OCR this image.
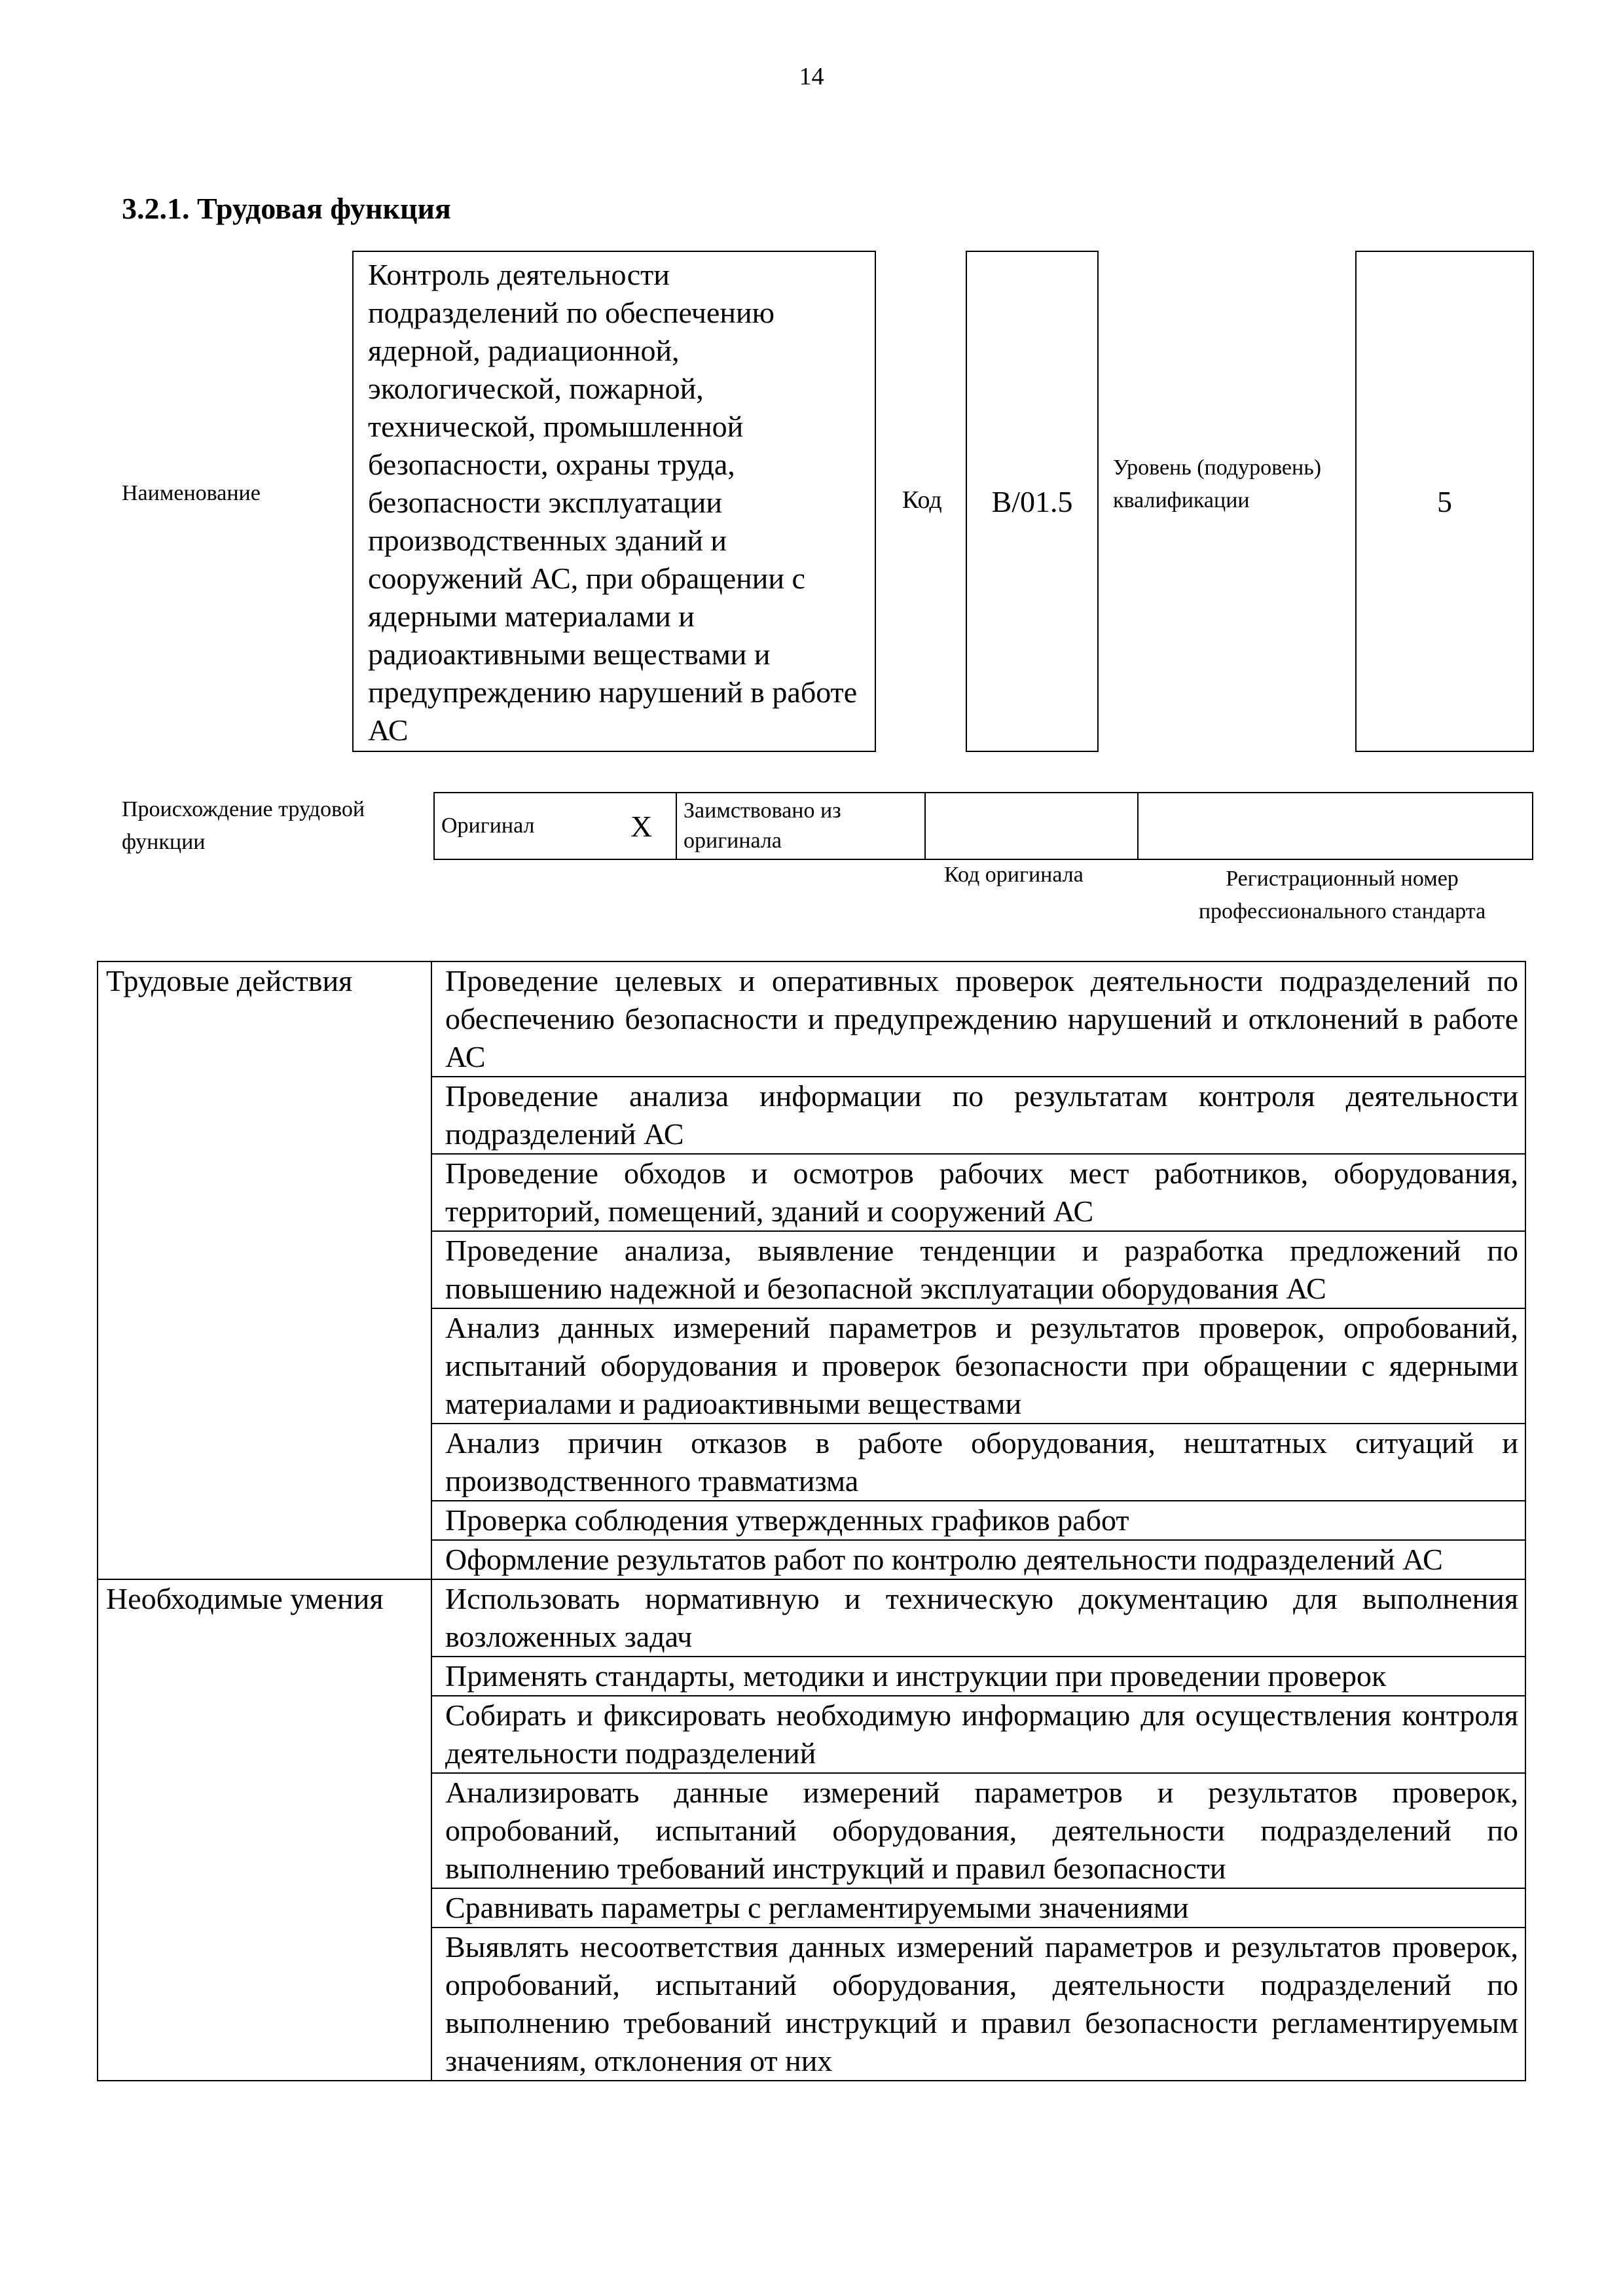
14
3.2.1. Трудовая функция
Наименование
Контроль деятельности подразделений по обеспечению ядерной, радиационной, экологической, пожарной, технической, промышленной безопасности, охраны труда, безопасности эксплуатации производственных зданий и сооружений АС, при обращении с ядерными материалами и радиоактивными веществами и предупреждению нарушений в работе АС
Код	B/01.5
Уровень (подуровень) квалификации	5
Происхождение трудовой функции
Оригинал	X	Заимствовано из оригинала		
Код оригинала	Регистрационный номер профессионального стандарта
Трудовые действия	Проведение целевых и оперативных проверок деятельности подразделений по обеспечению безопасности и предупреждению нарушений и отклонений в работе АС
	Проведение анализа информации по результатам контроля деятельности подразделений АС
	Проведение обходов и осмотров рабочих мест работников, оборудования, территорий, помещений, зданий и сооружений АС
	Проведение анализа, выявление тенденции и разработка предложений по повышению надежной и безопасной эксплуатации оборудования АС
	Анализ данных измерений параметров и результатов проверок, опробований, испытаний оборудования и проверок безопасности при обращении с ядерными материалами и радиоактивными веществами
	Анализ причин отказов в работе оборудования, нештатных ситуаций и производственного травматизма
	Проверка соблюдения утвержденных графиков работ
	Оформление результатов работ по контролю деятельности подразделений АС
Необходимые умения	Использовать нормативную и техническую документацию для выполнения возложенных задач
	Применять стандарты, методики и инструкции при проведении проверок
	Собирать и фиксировать необходимую информацию для осуществления контроля деятельности подразделений
	Анализировать данные измерений параметров и результатов проверок, опробований, испытаний оборудования, деятельности подразделений по выполнению требований инструкций и правил безопасности
	Сравнивать параметры с регламентируемыми значениями
	Выявлять несоответствия данных измерений параметров и результатов проверок, опробований, испытаний оборудования, деятельности подразделений по выполнению требований инструкций и правил безопасности регламентируемым значениям, отклонения от них
